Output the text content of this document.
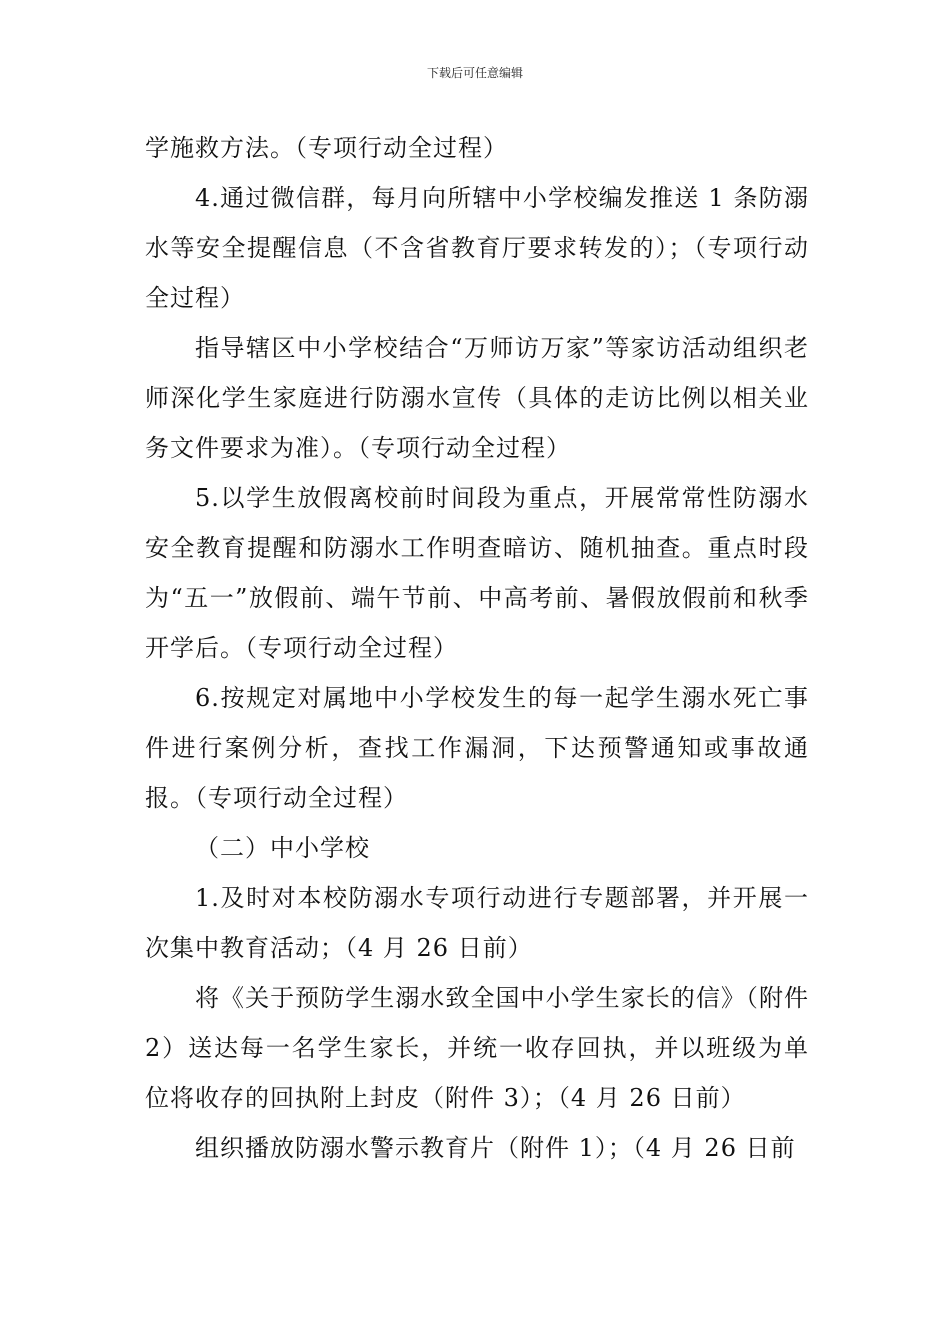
下载后可任意编辑

学施救方法。（专项行动全过程）

4.通过微信群，每月向所辖中小学校编发推送 1 条防溺水等安全提醒信息（不含省教育厅要求转发的）；（专项行动全过程）

指导辖区中小学校结合“万师访万家”等家访活动组织老师深化学生家庭进行防溺水宣传（具体的走访比例以相关业务文件要求为准）。（专项行动全过程）

5.以学生放假离校前时间段为重点，开展常常性防溺水安全教育提醒和防溺水工作明查暗访、随机抽查。重点时段为“五一”放假前、端午节前、中高考前、暑假放假前和秋季开学后。（专项行动全过程）

6.按规定对属地中小学校发生的每一起学生溺水死亡事件进行案例分析，查找工作漏洞，下达预警通知或事故通报。（专项行动全过程）

（二）中小学校

1.及时对本校防溺水专项行动进行专题部署，并开展一次集中教育活动；（4 月 26 日前）

将《关于预防学生溺水致全国中小学生家长的信》（附件 2）送达每一名学生家长，并统一收存回执，并以班级为单位将收存的回执附上封皮（附件 3）；（4 月 26 日前）

组织播放防溺水警示教育片（附件 1）；（4 月 26 日前
